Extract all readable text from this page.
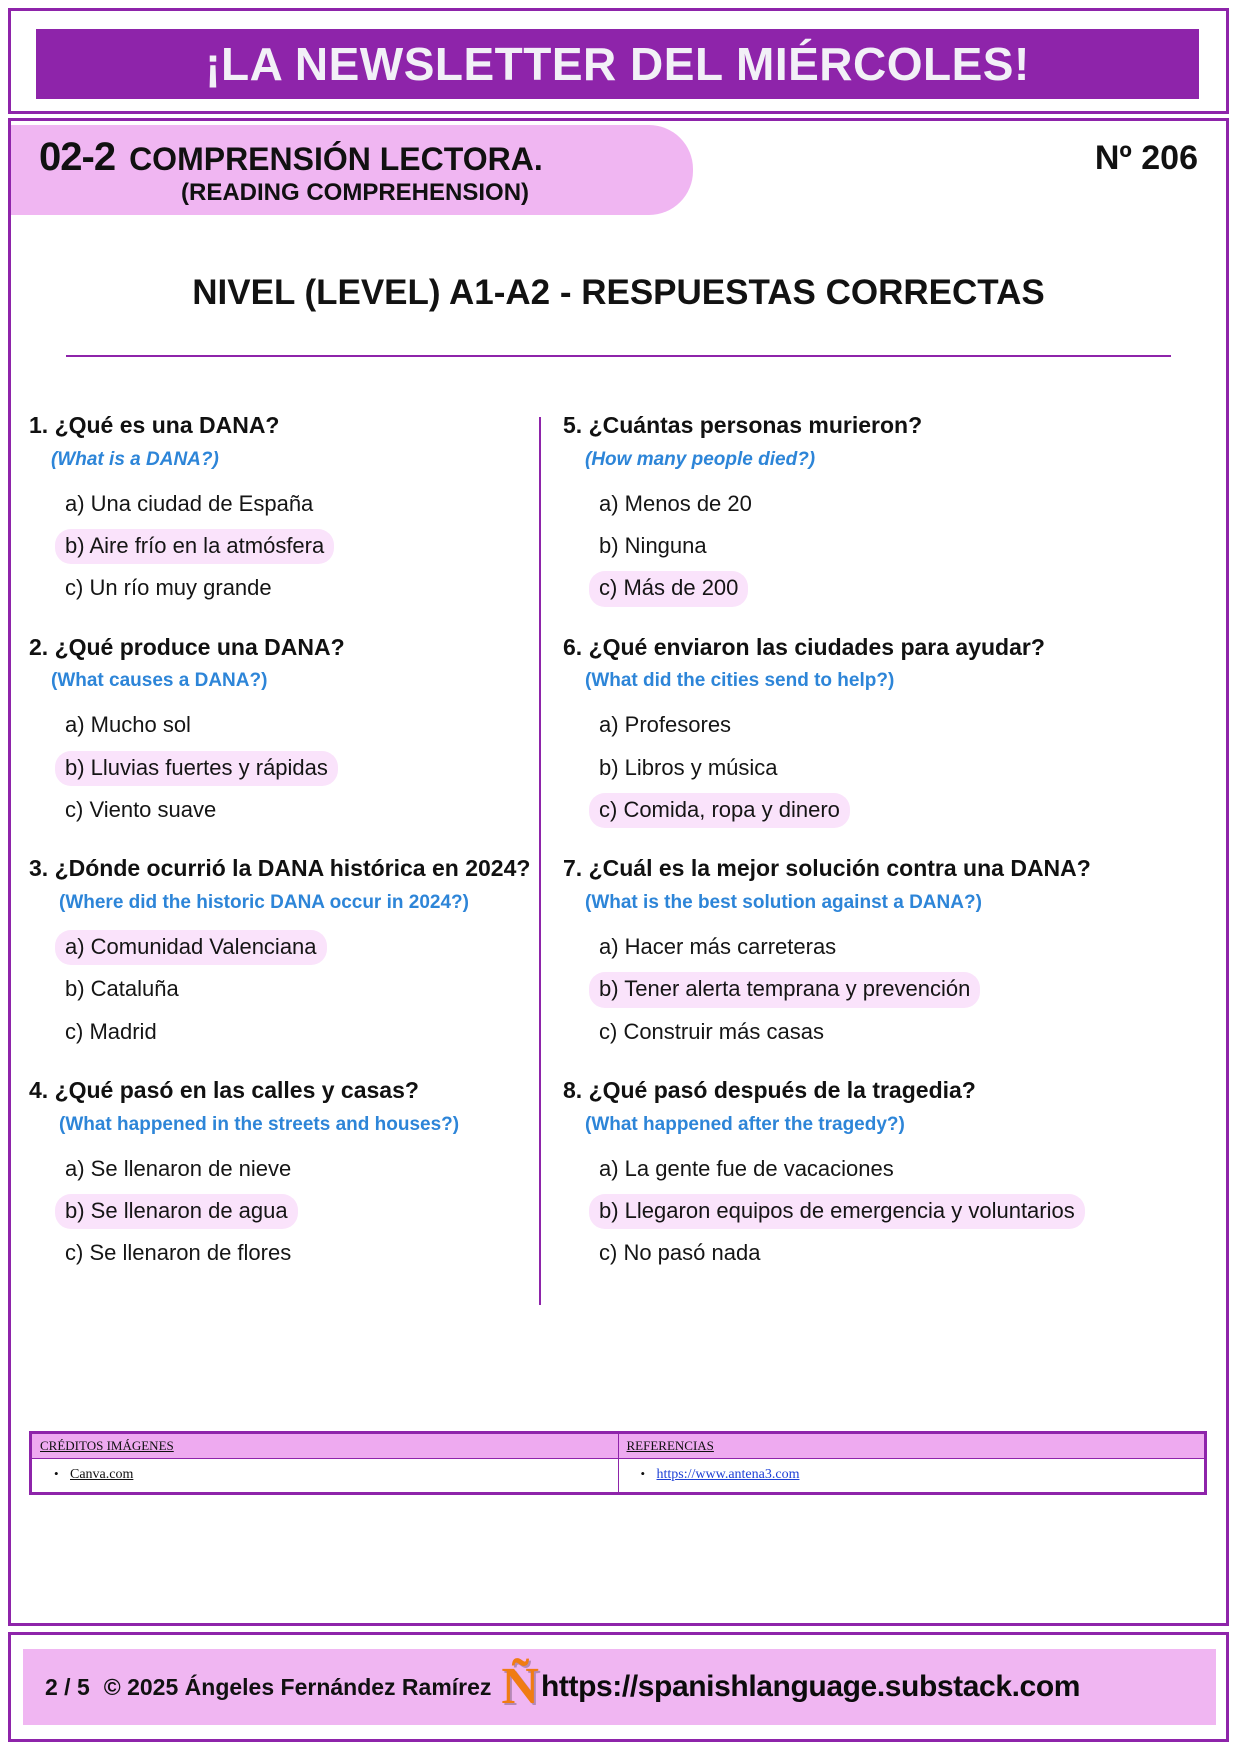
¡LA NEWSLETTER DEL MIÉRCOLES!
02-2 COMPRENSIÓN LECTORA.
(READING COMPREHENSION)
Nº 206
NIVEL (LEVEL) A1-A2 - RESPUESTAS CORRECTAS
1. ¿Qué es una DANA?
(What is a DANA?)
a) Una ciudad de España
b) Aire frío en la atmósfera
c) Un río muy grande
2. ¿Qué produce una DANA?
(What causes a DANA?)
a) Mucho sol
b) Lluvias fuertes y rápidas
c) Viento suave
3. ¿Dónde ocurrió la DANA histórica en 2024?
(Where did the historic DANA occur in 2024?)
a) Comunidad Valenciana
b) Cataluña
c) Madrid
4. ¿Qué pasó en las calles y casas?
(What happened in the streets and houses?)
a) Se llenaron de nieve
b) Se llenaron de agua
c) Se llenaron de flores
5. ¿Cuántas personas murieron?
(How many people died?)
a) Menos de 20
b) Ninguna
c) Más de 200
6. ¿Qué enviaron las ciudades para ayudar?
(What did the cities send to help?)
a) Profesores
b) Libros y música
c) Comida, ropa y dinero
7. ¿Cuál es la mejor solución contra una DANA?
(What is the best solution against a DANA?)
a) Hacer más carreteras
b) Tener alerta temprana y prevención
c) Construir más casas
8. ¿Qué pasó después de la tragedia?
(What happened after the tragedy?)
a) La gente fue de vacaciones
b) Llegaron equipos de emergencia y voluntarios
c) No pasó nada
CRÉDITOS IMÁGENES	REFERENCIAS
• Canva.com	• https://www.antena3.com
2 / 5 © 2025 Ángeles Fernández Ramírez Ñ https://spanishlanguage.substack.com
